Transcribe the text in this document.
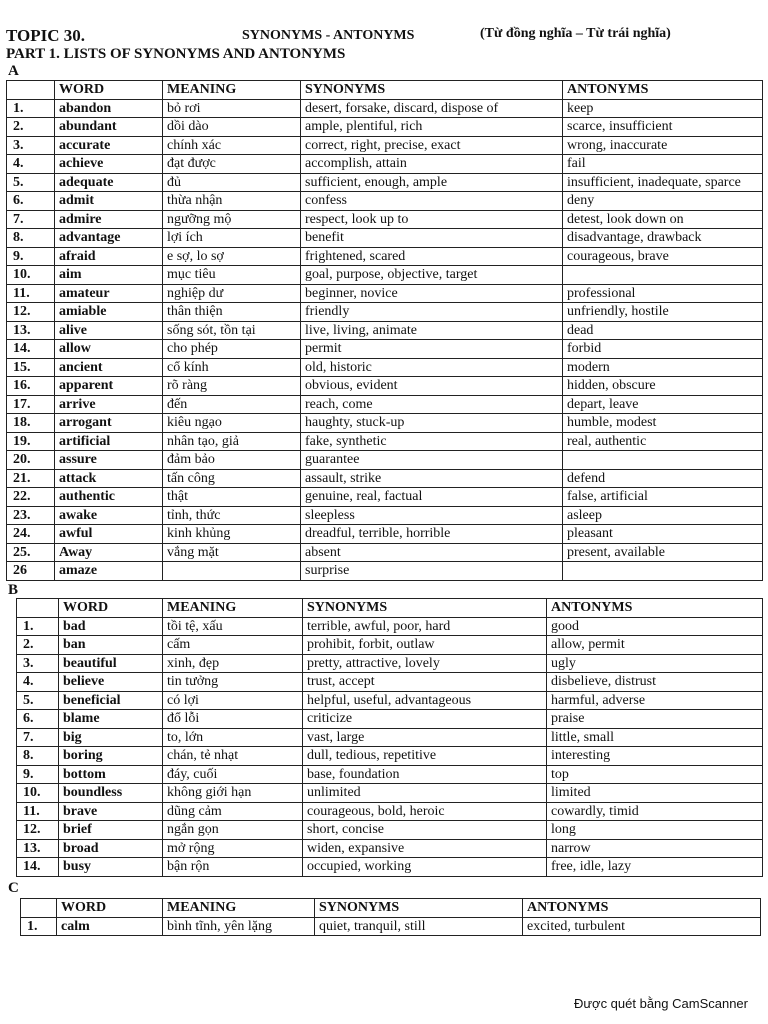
TOPIC 30.	SYNONYMS - ANTONYMS	(Từ đồng nghĩa – Từ trái nghĩa)
PART 1. LISTS OF SYNONYMS AND ANTONYMS
A
	WORD	MEANING	SYNONYMS	ANTONYMS
1.	abandon	bỏ rơi	desert, forsake, discard, dispose of	keep
2.	abundant	dồi dào	ample, plentiful, rich	scarce, insufficient
3.	accurate	chính xác	correct, right, precise, exact	wrong, inaccurate
4.	achieve	đạt được	accomplish, attain	fail
5.	adequate	đủ	sufficient, enough, ample	insufficient, inadequate, sparce
6.	admit	thừa nhận	confess	deny
7.	admire	ngưỡng mộ	respect, look up to	detest, look down on
8.	advantage	lợi ích	benefit	disadvantage, drawback
9.	afraid	e sợ, lo sợ	frightened, scared	courageous, brave
10.	aim	mục tiêu	goal, purpose, objective, target	
11.	amateur	nghiệp dư	beginner, novice	professional
12.	amiable	thân thiện	friendly	unfriendly, hostile
13.	alive	sống sót, tồn tại	live, living, animate	dead
14.	allow	cho phép	permit	forbid
15.	ancient	cổ kính	old, historic	modern
16.	apparent	rõ ràng	obvious, evident	hidden, obscure
17.	arrive	đến	reach, come	depart, leave
18.	arrogant	kiêu ngạo	haughty, stuck-up	humble, modest
19.	artificial	nhân tạo, giả	fake, synthetic	real, authentic
20.	assure	đảm bảo	guarantee	
21.	attack	tấn công	assault, strike	defend
22.	authentic	thật	genuine, real, factual	false, artificial
23.	awake	tỉnh, thức	sleepless	asleep
24.	awful	kinh khủng	dreadful, terrible, horrible	pleasant
25.	Away	vắng mặt	absent	present, available
26	amaze		surprise	
B
	WORD	MEANING	SYNONYMS	ANTONYMS
1.	bad	tồi tệ, xấu	terrible, awful, poor, hard	good
2.	ban	cấm	prohibit, forbit, outlaw	allow, permit
3.	beautiful	xinh, đẹp	pretty, attractive, lovely	ugly
4.	believe	tin tưởng	trust, accept	disbelieve, distrust
5.	beneficial	có lợi	helpful, useful, advantageous	harmful, adverse
6.	blame	đổ lỗi	criticize	praise
7.	big	to, lớn	vast, large	little, small
8.	boring	chán, tẻ nhạt	dull, tedious, repetitive	interesting
9.	bottom	đáy, cuối	base, foundation	top
10.	boundless	không giới hạn	unlimited	limited
11.	brave	dũng cảm	courageous, bold, heroic	cowardly, timid
12.	brief	ngắn gọn	short, concise	long
13.	broad	mở rộng	widen, expansive	narrow
14.	busy	bận rộn	occupied, working	free, idle, lazy
C
	WORD	MEANING	SYNONYMS	ANTONYMS
1.	calm	bình tĩnh, yên lặng	quiet, tranquil, still	excited, turbulent
Được quét bằng CamScanner
